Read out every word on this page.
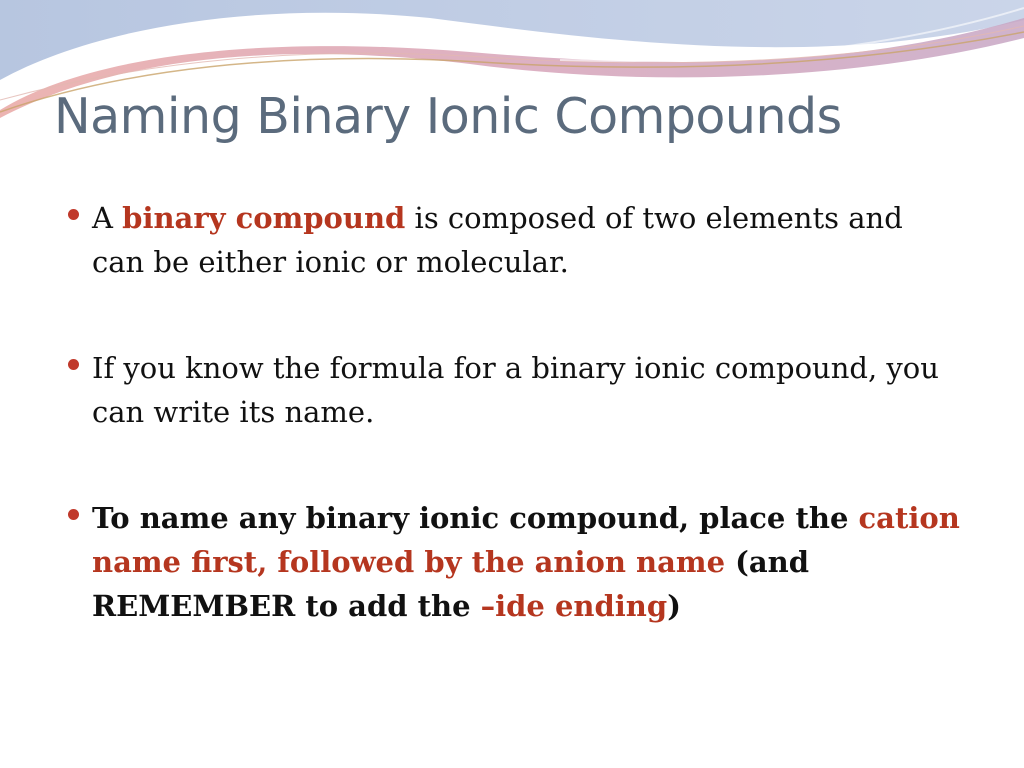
Naming Binary Ionic Compounds
A binary compound is composed of two elements and can be either ionic or molecular.
If you know the formula for a binary ionic compound, you can write its name.
To name any binary ionic compound, place the cation name first, followed by the anion name (and REMEMBER to add the –ide ending)
